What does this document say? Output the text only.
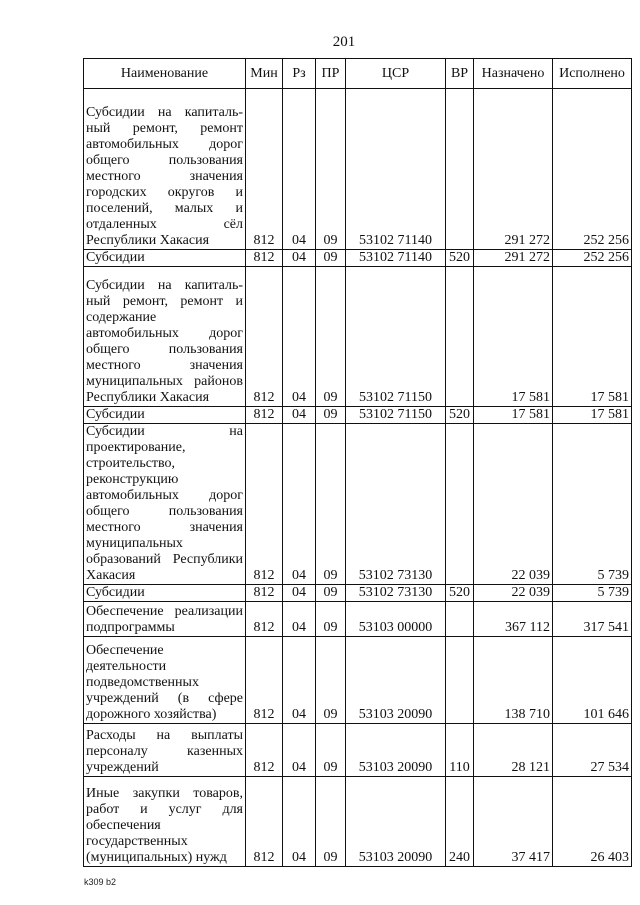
201
Наименование	Мин	Рз	ПР	ЦСР	ВР	Назначено	Исполнено
Субсидии на капиталь-ный ремонт, ремонт автомобильных дорог общего пользования местного значения городских округов и поселений, малых и отдаленных сёл Республики Хакасия	812	04	09	53102 71140		291 272	252 256
Субсидии	812	04	09	53102 71140	520	291 272	252 256
Субсидии на капиталь-ный ремонт, ремонт и содержание автомобильных дорог общего пользования местного значения муниципальных районов Республики Хакасия	812	04	09	53102 71150		17 581	17 581
Субсидии	812	04	09	53102 71150	520	17 581	17 581
Субсидии на проектирование, строительство, реконструкцию автомобильных дорог общего пользования местного значения муниципальных образований Республики Хакасия	812	04	09	53102 73130		22 039	5 739
Субсидии	812	04	09	53102 73130	520	22 039	5 739
Обеспечение реализации подпрограммы	812	04	09	53103 00000		367 112	317 541
Обеспечение деятельности подведомственных учреждений (в сфере дорожного хозяйства)	812	04	09	53103 20090		138 710	101 646
Расходы на выплаты персоналу казенных учреждений	812	04	09	53103 20090	110	28 121	27 534
Иные закупки товаров, работ и услуг для обеспечения государственных (муниципальных) нужд	812	04	09	53103 20090	240	37 417	26 403
k309 b2
